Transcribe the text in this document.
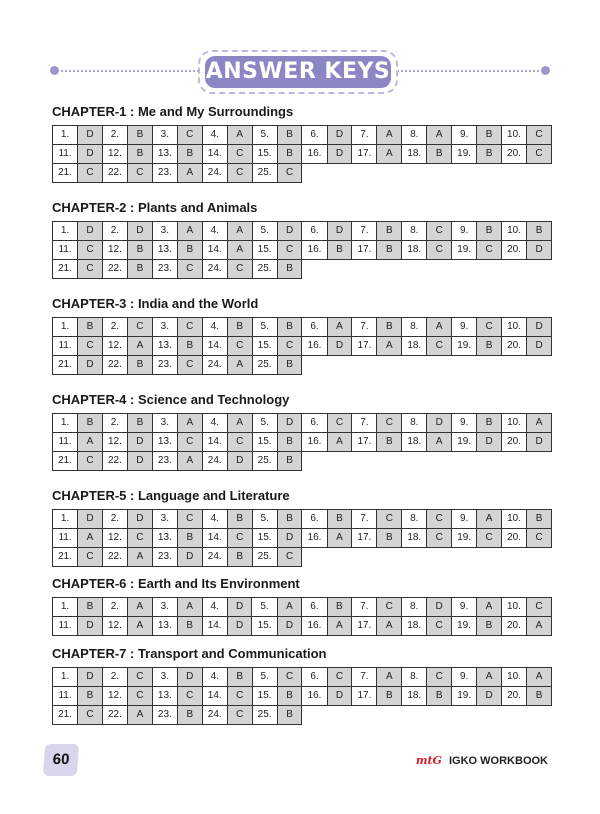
ANSWER KEYS
CHAPTER-1 : Me and My Surroundings
1.	D	2.	B	3.	C	4.	A	5.	B	6.	D	7.	A	8.	A	9.	B	10.	C
11.	D	12.	B	13.	B	14.	C	15.	B	16.	D	17.	A	18.	B	19.	B	20.	C
21.	C	22.	C	23.	A	24.	C	25.	C										
CHAPTER-2 : Plants and Animals
1.	D	2.	D	3.	A	4.	A	5.	D	6.	D	7.	B	8.	C	9.	B	10.	B
11.	C	12.	B	13.	B	14.	A	15.	C	16.	B	17.	B	18.	C	19.	C	20.	D
21.	C	22.	B	23.	C	24.	C	25.	B										
CHAPTER-3 : India and the World
1.	B	2.	C	3.	C	4.	B	5.	B	6.	A	7.	B	8.	A	9.	C	10.	D
11.	C	12.	A	13.	B	14.	C	15.	C	16.	D	17.	A	18.	C	19.	B	20.	D
21.	D	22.	B	23.	C	24.	A	25.	B										
CHAPTER-4 : Science and Technology
1.	B	2.	B	3.	A	4.	A	5.	D	6.	C	7.	C	8.	D	9.	B	10.	A
11.	A	12.	D	13.	C	14.	C	15.	B	16.	A	17.	B	18.	A	19.	D	20.	D
21.	C	22.	D	23.	A	24.	D	25.	B										
CHAPTER-5 : Language and Literature
1.	D	2.	D	3.	C	4.	B	5.	B	6.	B	7.	C	8.	C	9.	A	10.	B
11.	A	12.	C	13.	B	14.	C	15.	D	16.	A	17.	B	18.	C	19.	C	20.	C
21.	C	22.	A	23.	D	24.	B	25.	C										
CHAPTER-6 : Earth and Its Environment
1.	B	2.	A	3.	A	4.	D	5.	A	6.	B	7.	C	8.	D	9.	A	10.	C
11.	D	12.	A	13.	B	14.	D	15.	D	16.	A	17.	A	18.	C	19.	B	20.	A
CHAPTER-7 : Transport and Communication
1.	D	2.	C	3.	D	4.	B	5.	C	6.	C	7.	A	8.	C	9.	A	10.	A
11.	B	12.	C	13.	C	14.	C	15.	B	16.	D	17.	B	18.	B	19.	D	20.	B
21.	C	22.	A	23.	B	24.	C	25.	B										
60	mtG IGKO WORKBOOK
